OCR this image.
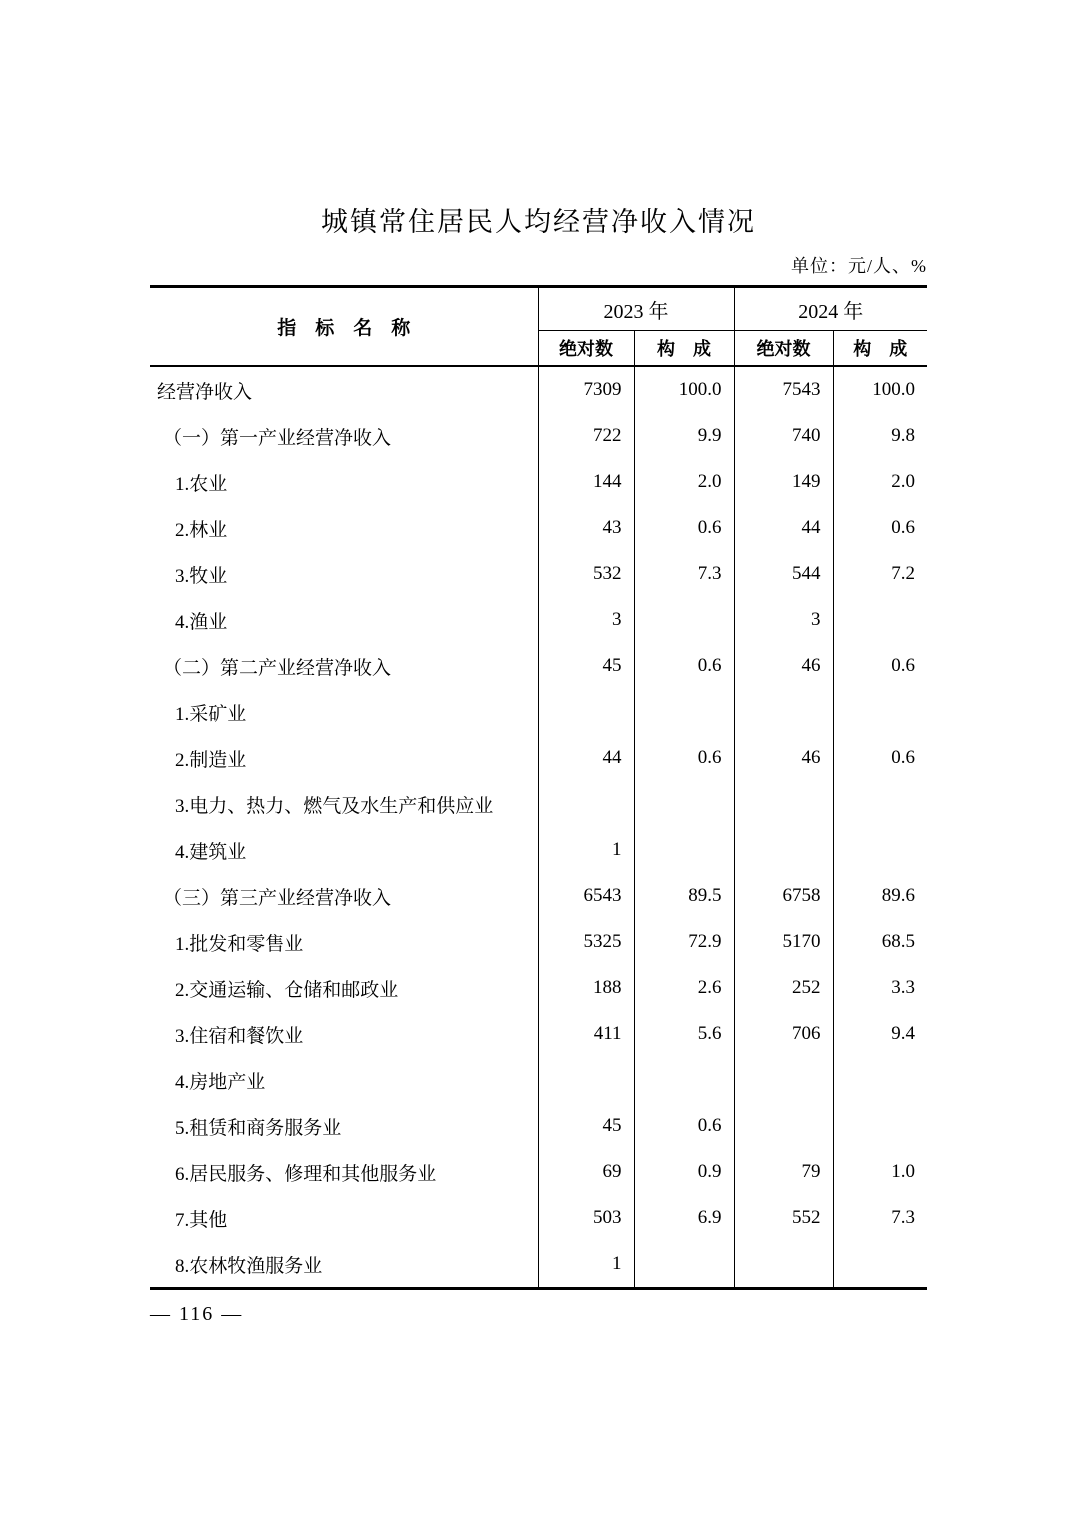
城镇常住居民人均经营净收入情况
单位：元/人、%
指　标　名　称	2023 年		2024 年	
	绝对数	构　成	绝对数	构　成
经营净收入	7309	100.0	7543	100.0
（一）第一产业经营净收入	722	9.9	740	9.8
1.农业	144	2.0	149	2.0
2.林业	43	0.6	44	0.6
3.牧业	532	7.3	544	7.2
4.渔业	3		3	
（二）第二产业经营净收入	45	0.6	46	0.6
1.采矿业				
2.制造业	44	0.6	46	0.6
3.电力、热力、燃气及水生产和供应业				
4.建筑业	1			
（三）第三产业经营净收入	6543	89.5	6758	89.6
1.批发和零售业	5325	72.9	5170	68.5
2.交通运输、仓储和邮政业	188	2.6	252	3.3
3.住宿和餐饮业	411	5.6	706	9.4
4.房地产业				
5.租赁和商务服务业	45	0.6		
6.居民服务、修理和其他服务业	69	0.9	79	1.0
7.其他	503	6.9	552	7.3
8.农林牧渔服务业	1			
— 116 —
